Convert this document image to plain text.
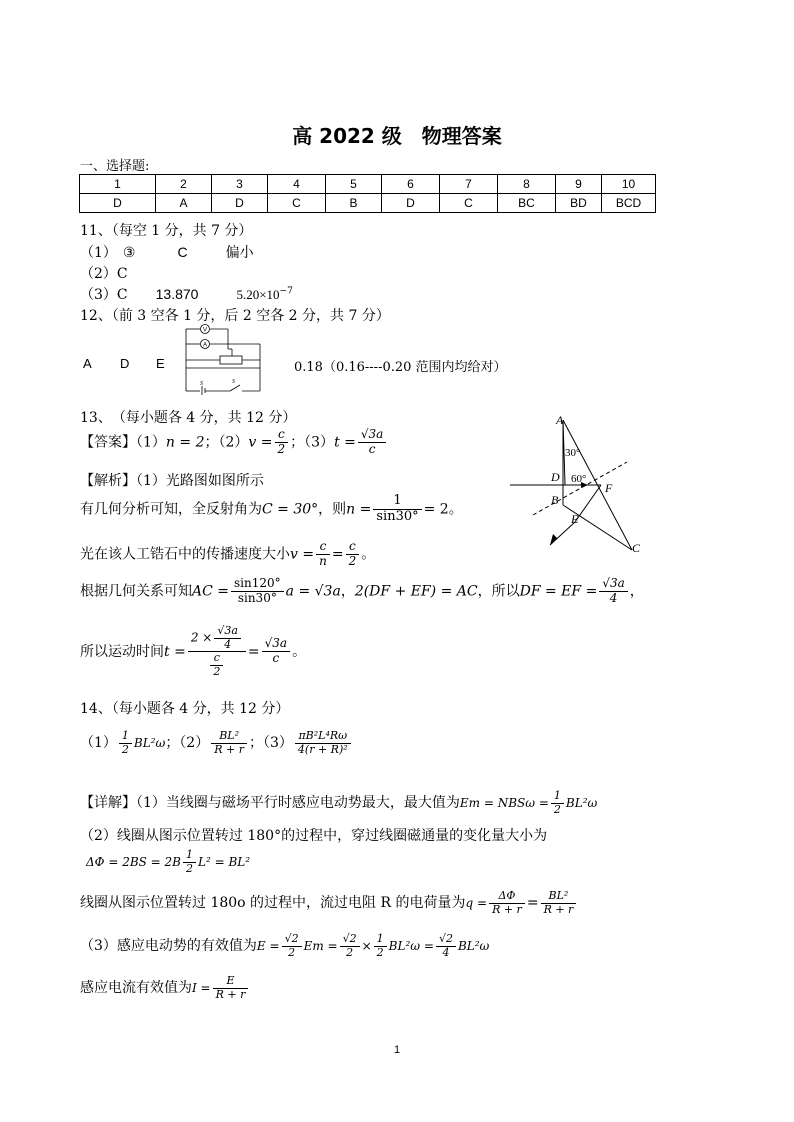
高 2022 级　物理答案
一、选择题:
1	2	3	4	5	6	7	8	9	10
D	A	D	C	B	D	C	BC	BD	BCD
11、（每空 1 分，共 7 分）
（1） ③	C	偏小
（2）C
（3）C 13.870	$5.20\times 10^{-7}$
12、（前 3 空各 1 分，后 2 空各 2 分，共 7 分）
A D E
V
A
S	S
0.18（0.16----0.20 范围内均给对）
13、　（每小题各 4 分，共 12 分）
【答案】（1）n = 2；$(2)v = \frac{c}{2}$ ；$(3)t = \frac{√3a}{c}$
【解析】（1）光路图如图所示
有几何分析可知，全反射角为C = 30°，则$n = \frac{1}{\sin 30^\circ} = 2$。
光在该人工锆石中的传播速度大小$v = \frac{c}{n} = \frac{c}{2}$ 。
根据几何关系可知AC = $\frac{\sin 120^\circ}{\sin 30^\circ}$ a = √3a，2(DF + EF) = AC，所以DF = EF = $\frac{√3a}{4}$ ，
所以运动时间$t = \frac{2 \times \frac{√3a}{4}}{\frac{c}{2}} = \frac{√3a}{c}$ 。
A
D
B
F
E
C
30°
60°
14、（每小题各 4 分，共 12 分）
$(1) \frac{1}{2} BL^2\omega$；$(2) \frac{\text{BL²}}{R + r}$ ；$(3) \frac{\text{πB²L⁴Rω}}{\text{4(r + R)²}}$
【详解】（1）当线圈与磁场平行时感应电动势最大，最大值为$Em = NBS\omega = \frac{1}{2} BL^2\omega$
（2）线圈从图示位置转过 180°的过程中，穿过线圈磁通量的变化量大小为
$\Delta\Phi = 2BS = 2B \frac{1}{2} L^2 = BL^2$
线圈从图示位置转过 180o 的过程中，流过电阻 R 的电荷量为$q = \frac{\Delta\Phi}{R + r} = \frac{\text{BL²}}{R + r}$
（3）感应电动势的有效值为$E = \frac{√2}{2}$ $Em = \frac{√2}{2} \times \frac{1}{2} BL^2\omega = \frac{√2}{4} BL^2\omega$
感应电流有效值为$I = \frac{E}{R + r}$
1
